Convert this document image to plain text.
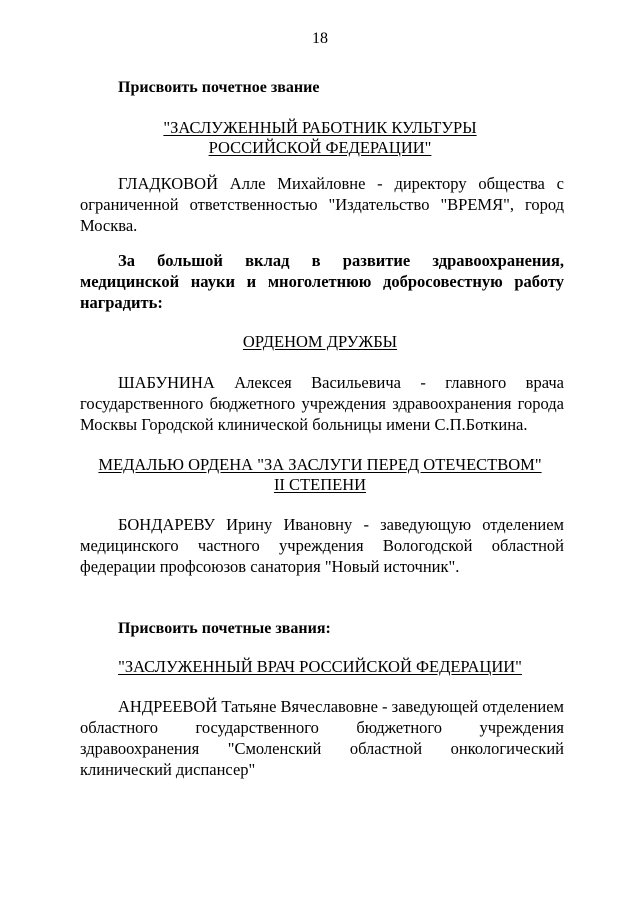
18
Присвоить почетное звание
"ЗАСЛУЖЕННЫЙ РАБОТНИК КУЛЬТУРЫ
РОССИЙСКОЙ ФЕДЕРАЦИИ"
ГЛАДКОВОЙ Алле Михайловне - директору общества с ограниченной ответственностью "Издательство "ВРЕМЯ", город Москва.
За большой вклад в развитие здравоохранения, медицинской науки и многолетнюю добросовестную работу наградить:
ОРДЕНОМ ДРУЖБЫ
ШАБУНИНА Алексея Васильевича - главного врача государственного бюджетного учреждения здравоохранения города Москвы Городской клинической больницы имени С.П.Боткина.
МЕДАЛЬЮ ОРДЕНА "ЗА ЗАСЛУГИ ПЕРЕД ОТЕЧЕСТВОМ"
II СТЕПЕНИ
БОНДАРЕВУ Ирину Ивановну - заведующую отделением медицинского частного учреждения Вологодской областной федерации профсоюзов санатория "Новый источник".
Присвоить почетные звания:
"ЗАСЛУЖЕННЫЙ ВРАЧ РОССИЙСКОЙ ФЕДЕРАЦИИ"
АНДРЕЕВОЙ Татьяне Вячеславовне - заведующей отделением областного государственного бюджетного учреждения здравоохранения "Смоленский областной онкологический клинический диспансер"
